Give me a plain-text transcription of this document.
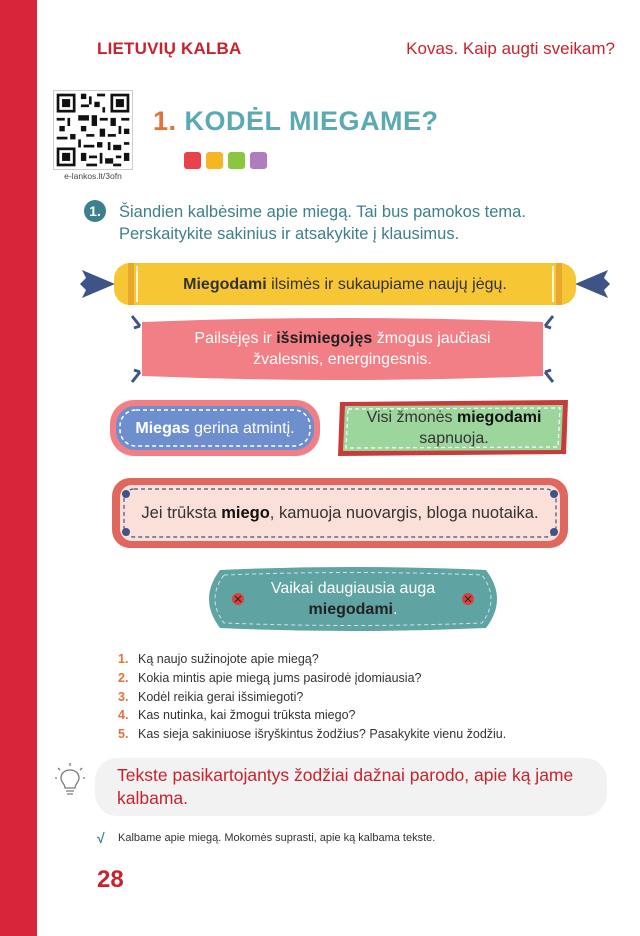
LIETUVIŲ KALBA	Kovas. Kaip augti sveikam?
e-lankos.lt/3ofn
1. KODĖL MIEGAME?
1.	Šiandien kalbėsime apie miegą. Tai bus pamokos tema. Perskaitykite sakinius ir atsakykite į klausimus.
Miegodami ilsimės ir sukaupiame naujų jėgų.
Pailsėjęs ir išsimiegojęs žmogus jaučiasi žvalesnis, energingesnis.
Miegas gerina atmintį.
Visi žmonės miegodami sapnuoja.
Jei trūksta miego, kamuoja nuovargis, bloga nuotaika.
Vaikai daugiausia auga miegodami.
1. Ką naujo sužinojote apie miegą?
2. Kokia mintis apie miegą jums pasirodė įdomiausia?
3. Kodėl reikia gerai išsimiegoti?
4. Kas nutinka, kai žmogui trūksta miego?
5. Kas sieja sakiniuose išryškintus žodžius? Pasakykite vienu žodžiu.
Tekste pasikartojantys žodžiai dažnai parodo, apie ką jame kalbama.
√ Kalbame apie miegą. Mokomės suprasti, apie ką kalbama tekste.
28
